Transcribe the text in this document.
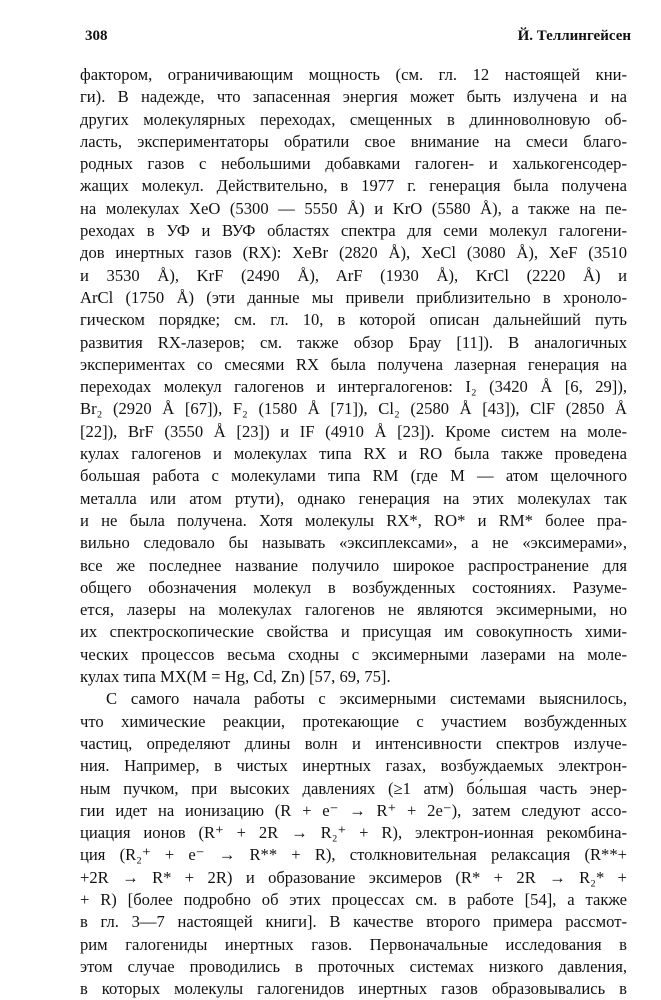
308	Й. Теллингейсен
фактором, ограничивающим мощность (см. гл. 12 настоящей кни-
ги). В надежде, что запасенная энергия может быть излучена и на
других молекулярных переходах, смещенных в длинноволновую об-
ласть, экспериментаторы обратили свое внимание на смеси благо-
родных газов с небольшими добавками галоген- и халькогенсодер-
жащих молекул. Действительно, в 1977 г. генерация была получена
на молекулах XeO (5300 — 5550 Å) и KrO (5580 Å), а также на пе-
реходах в УФ и ВУФ областях спектра для семи молекул галогени-
дов инертных газов (RX): XeBr (2820 Å), XeCl (3080 Å), XeF (3510
и 3530 Å), KrF (2490 Å), ArF (1930 Å), KrCl (2220 Å) и
ArCl (1750 Å) (эти данные мы привели приблизительно в хроноло-
гическом порядке; см. гл. 10, в которой описан дальнейший путь
развития RX-лазеров; см. также обзор Брау [11]). В аналогичных
экспериментах со смесями RX была получена лазерная генерация на
переходах молекул галогенов и интергалогенов: I₂ (3420 Å [6, 29]),
Br₂ (2920 Å [67]), F₂ (1580 Å [71]), Cl₂ (2580 Å [43]), ClF (2850 Å
[22]), BrF (3550 Å [23]) и IF (4910 Å [23]). Кроме систем на моле-
кулах галогенов и молекулах типа RX и RO была также проведена
большая работа с молекулами типа RM (где M — атом щелочного
металла или атом ртути), однако генерация на этих молекулах так
и не была получена. Хотя молекулы RX*, RO* и RM* более пра-
вильно следовало бы называть «эксиплексами», а не «эксимерами»,
все же последнее название получило широкое распространение для
общего обозначения молекул в возбужденных состояниях. Разуме-
ется, лазеры на молекулах галогенов не являются эксимерными, но
их спектроскопические свойства и присущая им совокупность хими-
ческих процессов весьма сходны с эксимерными лазерами на моле-
кулах типа MX(M = Hg, Cd, Zn) [57, 69, 75].
С самого начала работы с эксимерными системами выяснилось,
что химические реакции, протекающие с участием возбужденных
частиц, определяют длины волн и интенсивности спектров излуче-
ния. Например, в чистых инертных газах, возбуждаемых электрон-
ным пучком, при высоких давлениях (≥1 атм) бо́льшая часть энер-
гии идет на ионизацию (R + e⁻ → R⁺ + 2e⁻), затем следуют ассо-
циация ионов (R⁺ + 2R → R₂⁺ + R), электрон-ионная рекомбина-
ция (R₂⁺ + e⁻ → R** + R), столкновительная релаксация (R**+
+2R → R* + 2R) и образование эксимеров (R* + 2R → R₂* +
+ R) [более подробно об этих процессах см. в работе [54], а также
в гл. 3—7 настоящей книги]. В качестве второго примера рассмот-
рим галогениды инертных газов. Первоначальные исследования в
этом случае проводились в проточных системах низкого давления,
в которых молекулы галогенидов инертных газов образовывались в
